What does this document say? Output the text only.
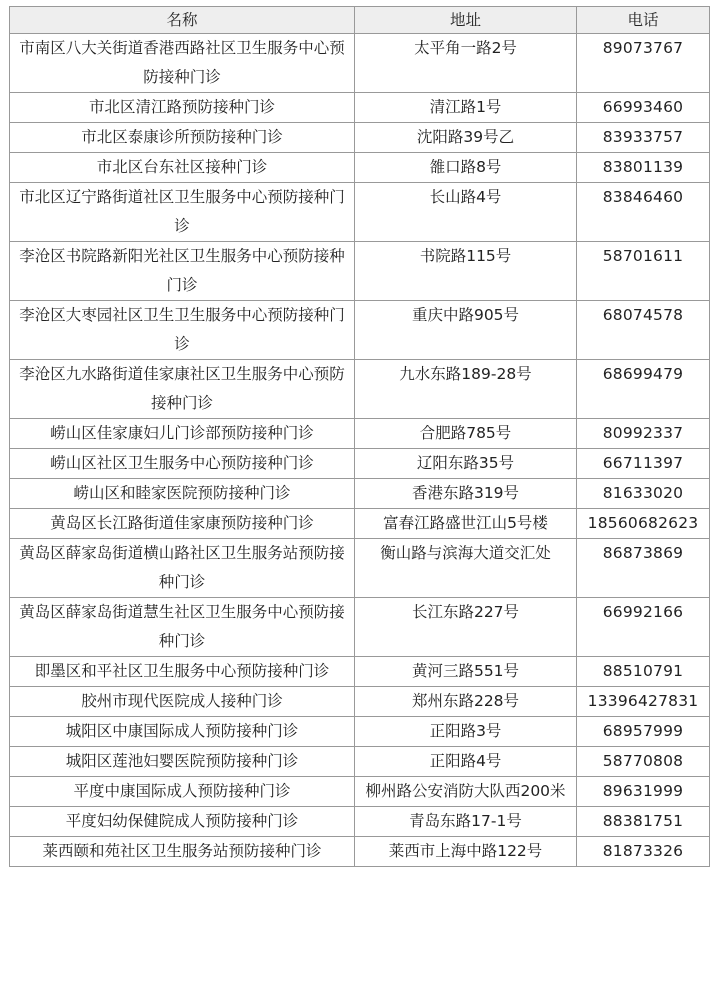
名称	地址	电话
市南区八大关街道香港西路社区卫生服务中心预防接种门诊	太平角一路2号	89073767
市北区清江路预防接种门诊	清江路1号	66993460
市北区泰康诊所预防接种门诊	沈阳路39号乙	83933757
市北区台东社区接种门诊	雒口路8号	83801139
市北区辽宁路街道社区卫生服务中心预防接种门诊	长山路4号	83846460
李沧区书院路新阳光社区卫生服务中心预防接种门诊	书院路115号	58701611
李沧区大枣园社区卫生卫生服务中心预防接种门诊	重庆中路905号	68074578
李沧区九水路街道佳家康社区卫生服务中心预防接种门诊	九水东路189-28号	68699479
崂山区佳家康妇儿门诊部预防接种门诊	合肥路785号	80992337
崂山区社区卫生服务中心预防接种门诊	辽阳东路35号	66711397
崂山区和睦家医院预防接种门诊	香港东路319号	81633020
黄岛区长江路街道佳家康预防接种门诊	富春江路盛世江山5号楼	18560682623
黄岛区薛家岛街道横山路社区卫生服务站预防接种门诊	衡山路与滨海大道交汇处	86873869
黄岛区薛家岛街道慧生社区卫生服务中心预防接种门诊	长江东路227号	66992166
即墨区和平社区卫生服务中心预防接种门诊	黄河三路551号	88510791
胶州市现代医院成人接种门诊	郑州东路228号	13396427831
城阳区中康国际成人预防接种门诊	正阳路3号	68957999
城阳区莲池妇婴医院预防接种门诊	正阳路4号	58770808
平度中康国际成人预防接种门诊	柳州路公安消防大队西200米	89631999
平度妇幼保健院成人预防接种门诊	青岛东路17-1号	88381751
莱西颐和苑社区卫生服务站预防接种门诊	莱西市上海中路122号	81873326
